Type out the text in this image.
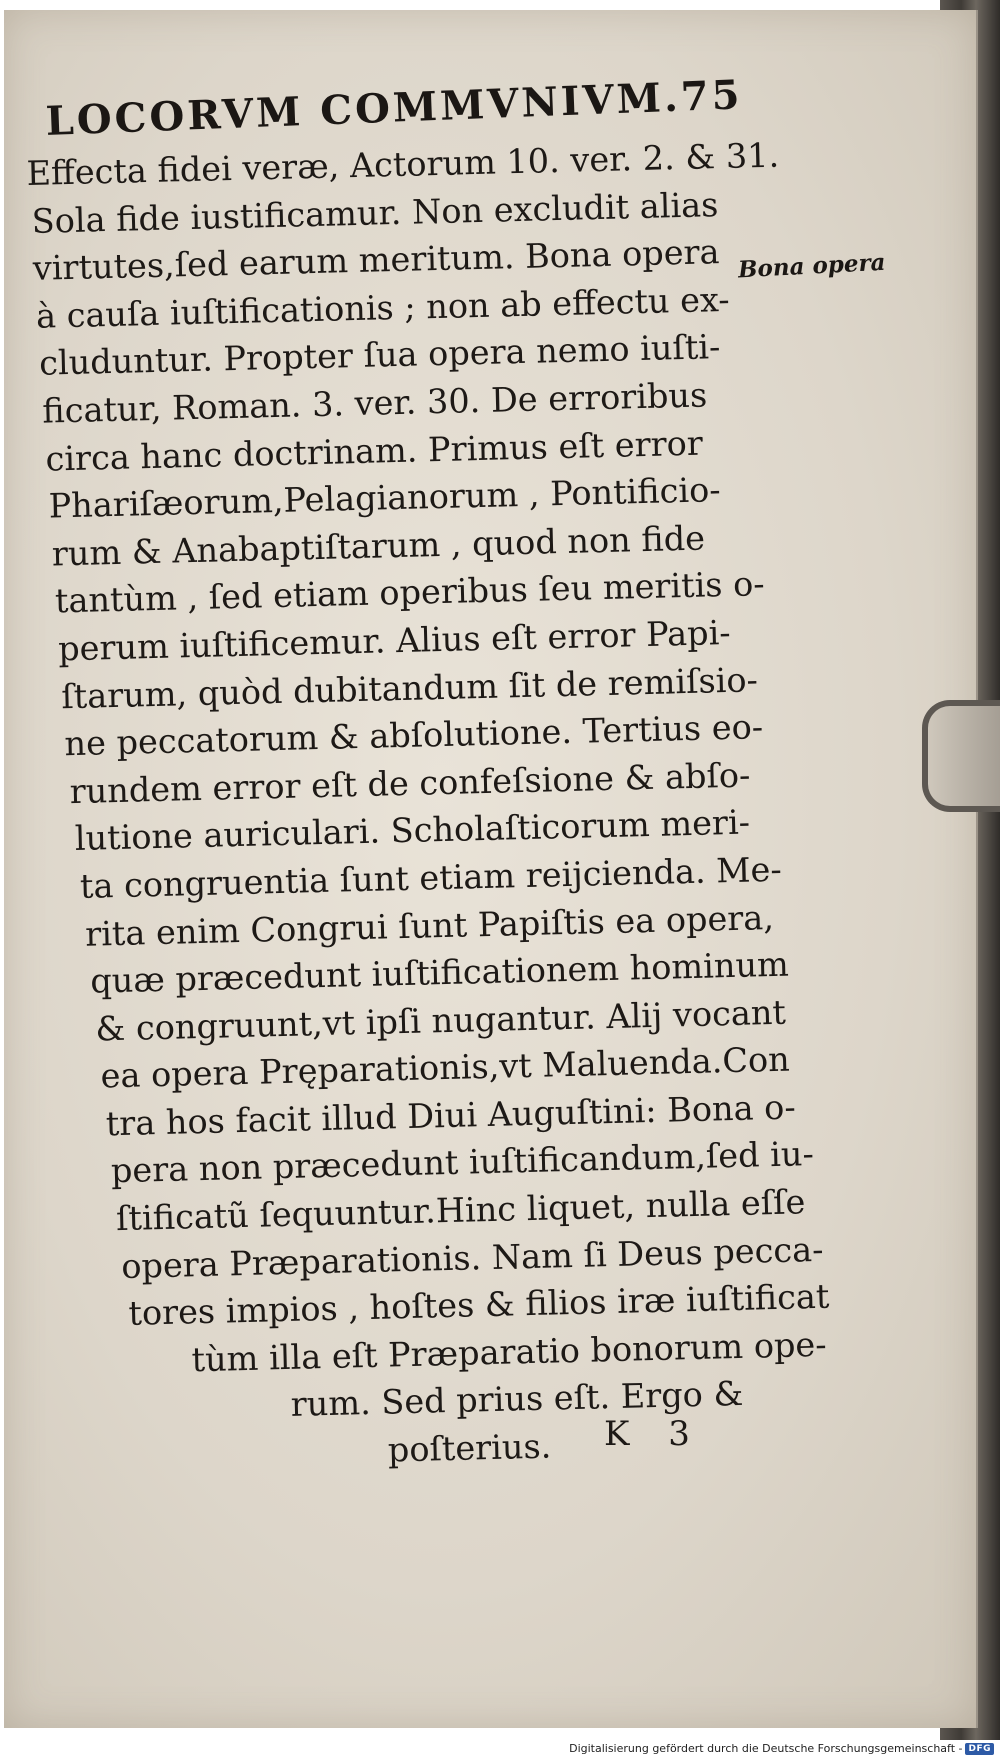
LOCORVM COMMVNIVM.75
Bona opera
Effecta fidei veræ, Actorum 10. ver. 2. & 31.
Sola fide iustificamur. Non excludit alias
virtutes,ſed earum meritum. Bona opera
à cauſa iuſtificationis ; non ab effectu ex-
cluduntur. Propter ſua opera nemo iuſti-
ficatur, Roman. 3. ver. 30. De erroribus
circa hanc doctrinam. Primus eſt error
Phariſæorum,Pelagianorum , Pontificio-
rum & Anabaptiſtarum , quod non fide
tantùm , ſed etiam operibus ſeu meritis o-
perum iuſtificemur. Alius eſt error Papi-
ſtarum, quòd dubitandum ſit de remiſsio-
ne peccatorum & abſolutione. Tertius eo-
rundem error eſt de confeſsione & abſo-
lutione auriculari. Scholaſticorum meri-
ta congruentia ſunt etiam reijcienda. Me-
rita enim Congrui ſunt Papiſtis ea opera,
quæ præcedunt iuſtificationem hominum
& congruunt,vt ipſi nugantur. Alij vocant
ea opera Pręparationis,vt Maluenda.Con
tra hos facit illud Diui Auguſtini: Bona o-
pera non præcedunt iuſtificandum,ſed iu-
ſtificatũ ſequuntur.Hinc liquet, nulla eſſe
opera Præparationis. Nam ſi Deus pecca-
tores impios , hoſtes & filios iræ iuſtificat
tùm illa eſt Præparatio bonorum ope-
rum. Sed prius eſt. Ergo &
poſterius.	K 3
Digitalisierung gefördert durch die Deutsche Forschungsgemeinschaft - DFG
